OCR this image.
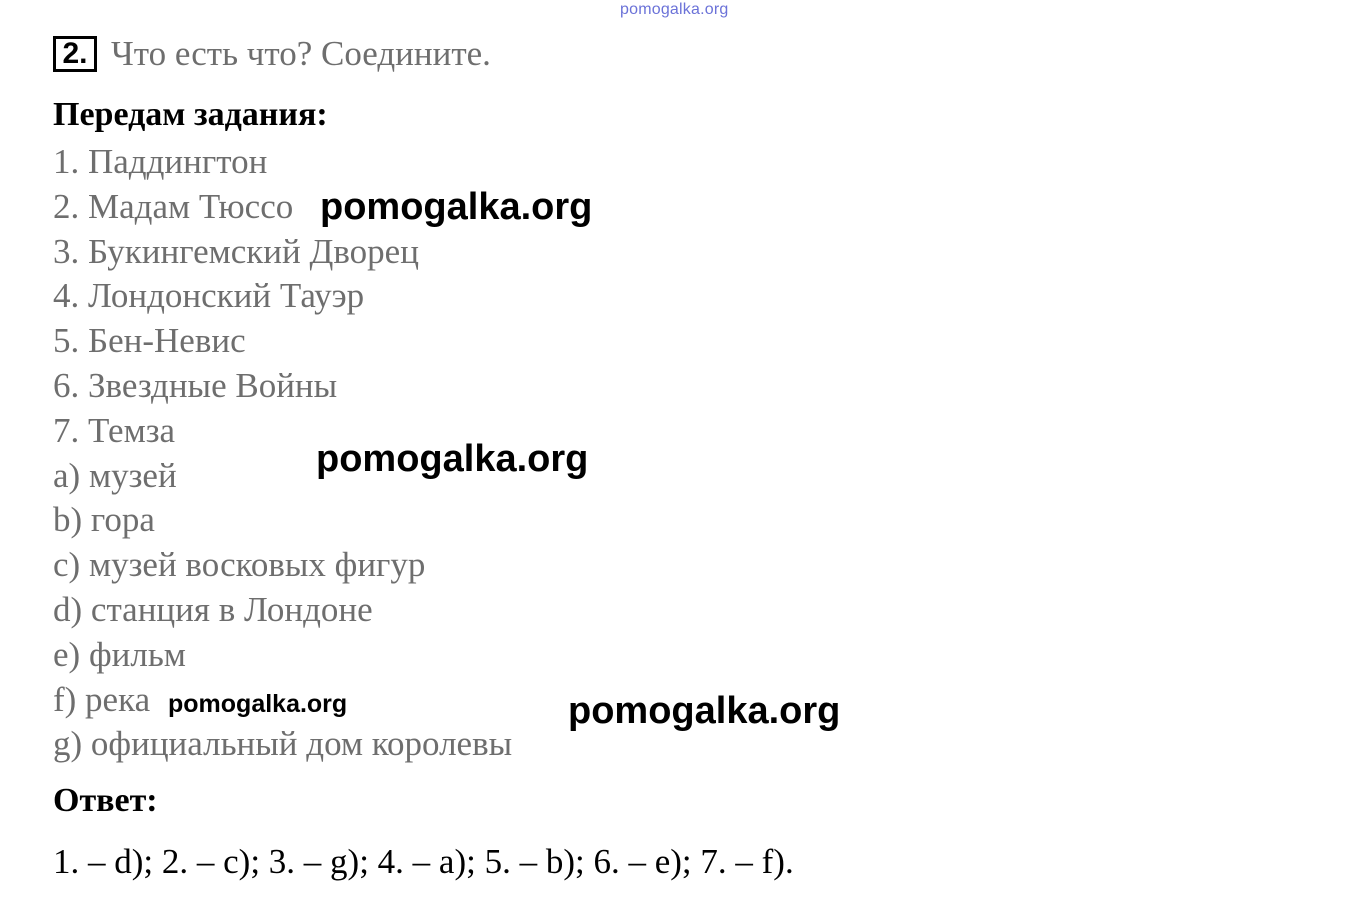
pomogalka.org
2. Что есть что? Соедините.
Передам задания:
1. Паддингтон
2. Мадам Тюссо
3. Букингемский Дворец
4. Лондонский Тауэр
5. Бен-Невис
6. Звездные Войны
7. Темза
a) музей
b) гора
c) музей восковых фигур
d) станция в Лондоне
e) фильм
f) река
g) официальный дом королевы
Ответ:
1. – d); 2. – c); 3. – g); 4. – a); 5. – b); 6. – e); 7. – f).
pomogalka.org
pomogalka.org
pomogalka.org	pomogalka.org
